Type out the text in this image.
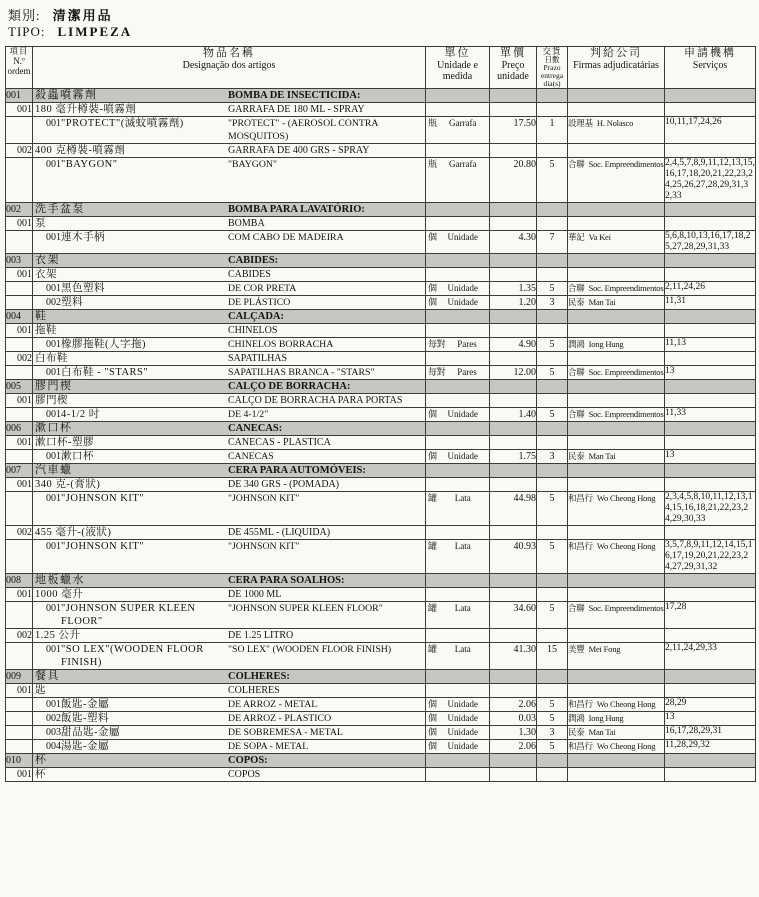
類別: 清潔用品
TIPO: LIMPEZA
項目
N.º
ordem

物品名稱
Designação dos artigos

單位
Unidade e medida

單價
Preço unidade

交貨
日數 Prazo entrega dia(s)

判給公司
Firmas adjudicatárias

申請機構
Serviços

001	殺蟲噴霧劑 BOMBA DE INSECTICIDA:					

001	180 毫升樽裝-噴霧劑 GARRAFA DE 180 ML - SPRAY					

	001 "PROTECT"(滅蚊噴霧劑) "PROTECT" - (AEROSOL CONTRA MOSQUITOS)	瓶 Garrafa	17.50	1	設理基 H. Nolasco	10,11,17,24,26
002	400 克樽裝-噴霧劑 GARRAFA DE 400 GRS - SPRAY					

	001 "BAYGON" "BAYGON"	瓶 Garrafa	20.80	5	合聯 Soc. Empreendimentos	2,4,5,7,8,9,11,12,13,15,16,17,18,20,21,22,23,24,25,26,27,28,29,31,32,33
002	洗手盆泵 BOMBA PARA LAVATÓRIO:					

001	泵 BOMBA					

	001 連木手柄 COM CABO DE MADEIRA	個 Unidade	4.30	7	華記 Va Kei	5,6,8,10,13,16,17,18,25,27,28,29,31,33
003	衣架 CABIDES:					

001	衣架 CABIDES					

	001 黑色塑料 DE COR PRETA	個 Unidade	1.35	5	合聯 Soc. Empreendimentos	2,11,24,26

	002 塑料 DE PLÁSTICO	個 Unidade	1.20	3	民泰 Man Tai	11,31
004	鞋 CALÇADA:					

001	拖鞋 CHINELOS					

	001 橡膠拖鞋(人字拖) CHINELOS BORRACHA	每對 Pares	4.90	5	潤鴻 Iong Hung	11,13
002	白布鞋 SAPATILHAS					

	001 白布鞋 - "STARS" SAPATILHAS BRANCA - "STARS"	每對 Pares	12.00	5	合聯 Soc. Empreendimentos	13
005	膠門楔 CALÇO DE BORRACHA:					

001	膠門楔 CALÇO DE BORRACHA PARA PORTAS					

	001 4-1/2 吋 DE 4-1/2"	個 Unidade	1.40	5	合聯 Soc. Empreendimentos	11,33
006	漱口杯 CANECAS:					

001	漱口杯-塑膠 CANECAS - PLASTICA					

	001 漱口杯 CANECAS	個 Unidade	1.75	3	民泰 Man Tai	13
007	汽車蠟 CERA PARA AUTOMÓVEIS:					

001	340 克-(膏狀) DE 340 GRS - (POMADA)					

	001 "JOHNSON KIT" "JOHNSON KIT"	罐 Lata	44.98	5	和昌行 Wo Cheong Hong	2,3,4,5,8,10,11,12,13,14,15,16,18,21,22,23,24,29,30,33
002	455 毫升-(液狀) DE 455ML - (LIQUIDA)					

	001 "JOHNSON KIT" "JOHNSON KIT"	罐 Lata	40.93	5	和昌行 Wo Cheong Hong	3,5,7,8,9,11,12,14,15,16,17,19,20,21,22,23,24,27,29,31,32
008	地板蠟水 CERA PARA SOALHOS:					

001	1000 毫升 DE 1000 ML					

	001 "JOHNSON SUPER KLEEN FLOOR"
"JOHNSON SUPER KLEEN FLOOR"	罐 Lata	34.60	5	合聯 Soc. Empreendimentos	17,28
002	1.25 公升 DE 1.25 LITRO					

	001 "SO LEX"(WOODEN FLOOR FINISH)
"SO LEX" (WOODEN FLOOR FINISH)	罐 Lata	41.30	15	美豐 Mei Fong	2,11,24,29,33
009	餐具 COLHERES:					

001	匙 COLHERES					

	001 飯匙-金屬 DE ARROZ - METAL	個 Unidade	2.06	5	和昌行 Wo Cheong Hong	28,29

	002 飯匙-塑料 DE ARROZ - PLASTICO	個 Unidade	0.03	5	潤鴻 Iong Hung	13

	003 甜品匙-金屬 DE SOBREMESA - METAL	個 Unidade	1.30	3	民泰 Man Tai	16,17,28,29,31

	004 湯匙-金屬 DE SOPA - METAL	個 Unidade	2.06	5	和昌行 Wo Cheong Hong	11,28,29,32
010	杯 COPOS:					

001	杯 COPOS					
